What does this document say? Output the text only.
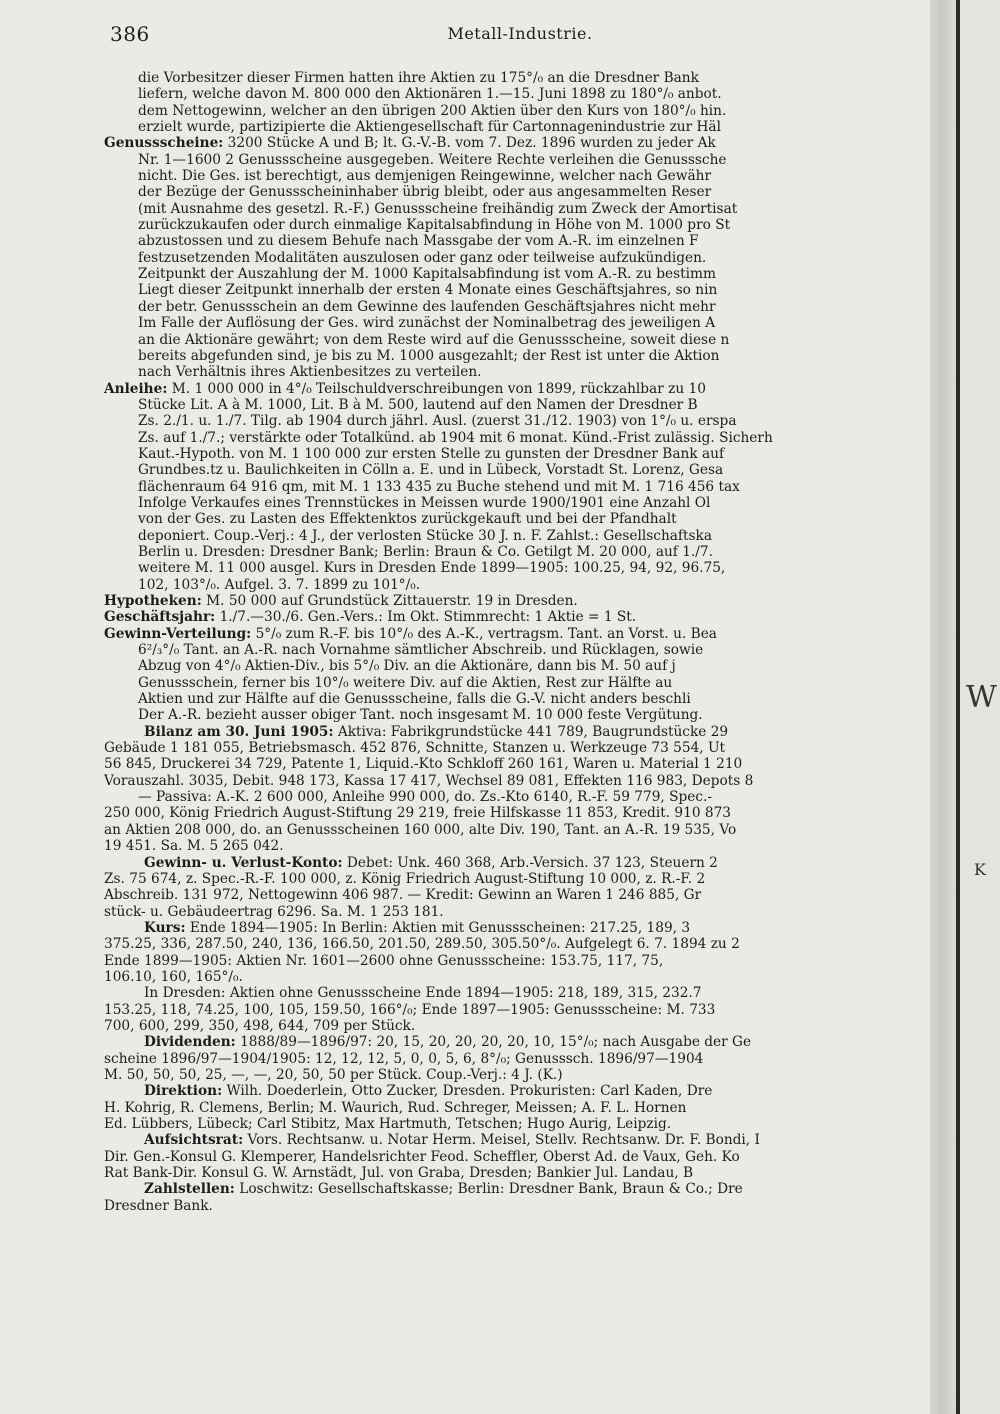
386	Metall-Industrie.
die Vorbesitzer dieser Firmen hatten ihre Aktien zu 175°/₀ an die Dresdner Bank
liefern, welche davon M. 800 000 den Aktionären 1.—15. Juni 1898 zu 180°/₀ anbot.
dem Nettogewinn, welcher an den übrigen 200 Aktien über den Kurs von 180°/₀ hin.
erzielt wurde, partizipierte die Aktiengesellschaft für Cartonnagenindustrie zur Häl
Genussscheine: 3200 Stücke A und B; lt. G.-V.-B. vom 7. Dez. 1896 wurden zu jeder Ak
Nr. 1—1600 2 Genussscheine ausgegeben. Weitere Rechte verleihen die Genusssche
nicht. Die Ges. ist berechtigt, aus demjenigen Reingewinne, welcher nach Gewähr
der Bezüge der Genussscheininhaber übrig bleibt, oder aus angesammelten Reser
(mit Ausnahme des gesetzl. R.-F.) Genussscheine freihändig zum Zweck der Amortisat
zurückzukaufen oder durch einmalige Kapitalsabfindung in Höhe von M. 1000 pro St
abzustossen und zu diesem Behufe nach Massgabe der vom A.-R. im einzelnen F
festzusetzenden Modalitäten auszulosen oder ganz oder teilweise aufzukündigen.
Zeitpunkt der Auszahlung der M. 1000 Kapitalsabfindung ist vom A.-R. zu bestimm
Liegt dieser Zeitpunkt innerhalb der ersten 4 Monate eines Geschäftsjahres, so nin
der betr. Genussschein an dem Gewinne des laufenden Geschäftsjahres nicht mehr
Im Falle der Auflösung der Ges. wird zunächst der Nominalbetrag des jeweiligen A
an die Aktionäre gewährt; von dem Reste wird auf die Genussscheine, soweit diese n
bereits abgefunden sind, je bis zu M. 1000 ausgezahlt; der Rest ist unter die Aktion
nach Verhältnis ihres Aktienbesitzes zu verteilen.
Anleihe: M. 1 000 000 in 4°/₀ Teilschuldverschreibungen von 1899, rückzahlbar zu 10
Stücke Lit. A à M. 1000, Lit. B à M. 500, lautend auf den Namen der Dresdner B
Zs. 2./1. u. 1./7. Tilg. ab 1904 durch jährl. Ausl. (zuerst 31./12. 1903) von 1°/₀ u. erspa
Zs. auf 1./7.; verstärkte oder Totalkünd. ab 1904 mit 6 monat. Künd.-Frist zulässig. Sicherh
Kaut.-Hypoth. von M. 1 100 000 zur ersten Stelle zu gunsten der Dresdner Bank auf
Grundbes.tz u. Baulichkeiten in Cölln a. E. und in Lübeck, Vorstadt St. Lorenz, Gesa
flächenraum 64 916 qm, mit M. 1 133 435 zu Buche stehend und mit M. 1 716 456 tax
Infolge Verkaufes eines Trennstückes in Meissen wurde 1900/1901 eine Anzahl Ol
von der Ges. zu Lasten des Effektenktos zurückgekauft und bei der Pfandhalt
deponiert. Coup.-Verj.: 4 J., der verlosten Stücke 30 J. n. F. Zahlst.: Gesellschaftska
Berlin u. Dresden: Dresdner Bank; Berlin: Braun & Co. Getilgt M. 20 000, auf 1./7.
weitere M. 11 000 ausgel. Kurs in Dresden Ende 1899—1905: 100.25, 94, 92, 96.75,
102, 103°/₀. Aufgel. 3. 7. 1899 zu 101°/₀.
Hypotheken: M. 50 000 auf Grundstück Zittauerstr. 19 in Dresden.
Geschäftsjahr: 1./7.—30./6. Gen.-Vers.: Im Okt. Stimmrecht: 1 Aktie = 1 St.
Gewinn-Verteilung: 5°/₀ zum R.-F. bis 10°/₀ des A.-K., vertragsm. Tant. an Vorst. u. Bea
6²/₃°/₀ Tant. an A.-R. nach Vornahme sämtlicher Abschreib. und Rücklagen, sowie
Abzug von 4°/₀ Aktien-Div., bis 5°/₀ Div. an die Aktionäre, dann bis M. 50 auf j
Genussschein, ferner bis 10°/₀ weitere Div. auf die Aktien, Rest zur Hälfte au
Aktien und zur Hälfte auf die Genussscheine, falls die G.-V. nicht anders beschli
Der A.-R. bezieht ausser obiger Tant. noch insgesamt M. 10 000 feste Vergütung.
Bilanz am 30. Juni 1905: Aktiva: Fabrikgrundstücke 441 789, Baugrundstücke 29
Gebäude 1 181 055, Betriebsmasch. 452 876, Schnitte, Stanzen u. Werkzeuge 73 554, Ut
56 845, Druckerei 34 729, Patente 1, Liquid.-Kto Schkloff 260 161, Waren u. Material 1 210
Vorauszahl. 3035, Debit. 948 173, Kassa 17 417, Wechsel 89 081, Effekten 116 983, Depots 8
— Passiva: A.-K. 2 600 000, Anleihe 990 000, do. Zs.-Kto 6140, R.-F. 59 779, Spec.-
250 000, König Friedrich August-Stiftung 29 219, freie Hilfskasse 11 853, Kredit. 910 873
an Aktien 208 000, do. an Genussscheinen 160 000, alte Div. 190, Tant. an A.-R. 19 535, Vo
19 451. Sa. M. 5 265 042.
Gewinn- u. Verlust-Konto: Debet: Unk. 460 368, Arb.-Versich. 37 123, Steuern 2
Zs. 75 674, z. Spec.-R.-F. 100 000, z. König Friedrich August-Stiftung 10 000, z. R.-F. 2
Abschreib. 131 972, Nettogewinn 406 987. — Kredit: Gewinn an Waren 1 246 885, Gr
stück- u. Gebäudeertrag 6296. Sa. M. 1 253 181.
Kurs: Ende 1894—1905: In Berlin: Aktien mit Genussscheinen: 217.25, 189, 3
375.25, 336, 287.50, 240, 136, 166.50, 201.50, 289.50, 305.50°/₀. Aufgelegt 6. 7. 1894 zu 2
Ende 1899—1905: Aktien Nr. 1601—2600 ohne Genussscheine: 153.75, 117, 75,
106.10, 160, 165°/₀.
In Dresden: Aktien ohne Genussscheine Ende 1894—1905: 218, 189, 315, 232.7
153.25, 118, 74.25, 100, 105, 159.50, 166°/₀; Ende 1897—1905: Genussscheine: M. 733
700, 600, 299, 350, 498, 644, 709 per Stück.
Dividenden: 1888/89—1896/97: 20, 15, 20, 20, 20, 20, 10, 15°/₀; nach Ausgabe der Ge
scheine 1896/97—1904/1905: 12, 12, 12, 5, 0, 0, 5, 6, 8°/₀; Genusssch. 1896/97—1904
M. 50, 50, 50, 25, —, —, 20, 50, 50 per Stück. Coup.-Verj.: 4 J. (K.)
Direktion: Wilh. Doederlein, Otto Zucker, Dresden. Prokuristen: Carl Kaden, Dre
H. Kohrig, R. Clemens, Berlin; M. Waurich, Rud. Schreger, Meissen; A. F. L. Hornen
Ed. Lübbers, Lübeck; Carl Stibitz, Max Hartmuth, Tetschen; Hugo Aurig, Leipzig.
Aufsichtsrat: Vors. Rechtsanw. u. Notar Herm. Meisel, Stellv. Rechtsanw. Dr. F. Bondi, I
Dir. Gen.-Konsul G. Klemperer, Handelsrichter Feod. Scheffler, Oberst Ad. de Vaux, Geh. Ko
Rat Bank-Dir. Konsul G. W. Arnstädt, Jul. von Graba, Dresden; Bankier Jul. Landau, B
Zahlstellen: Loschwitz: Gesellschaftskasse; Berlin: Dresdner Bank, Braun & Co.; Dre
Dresdner Bank.
W
K
